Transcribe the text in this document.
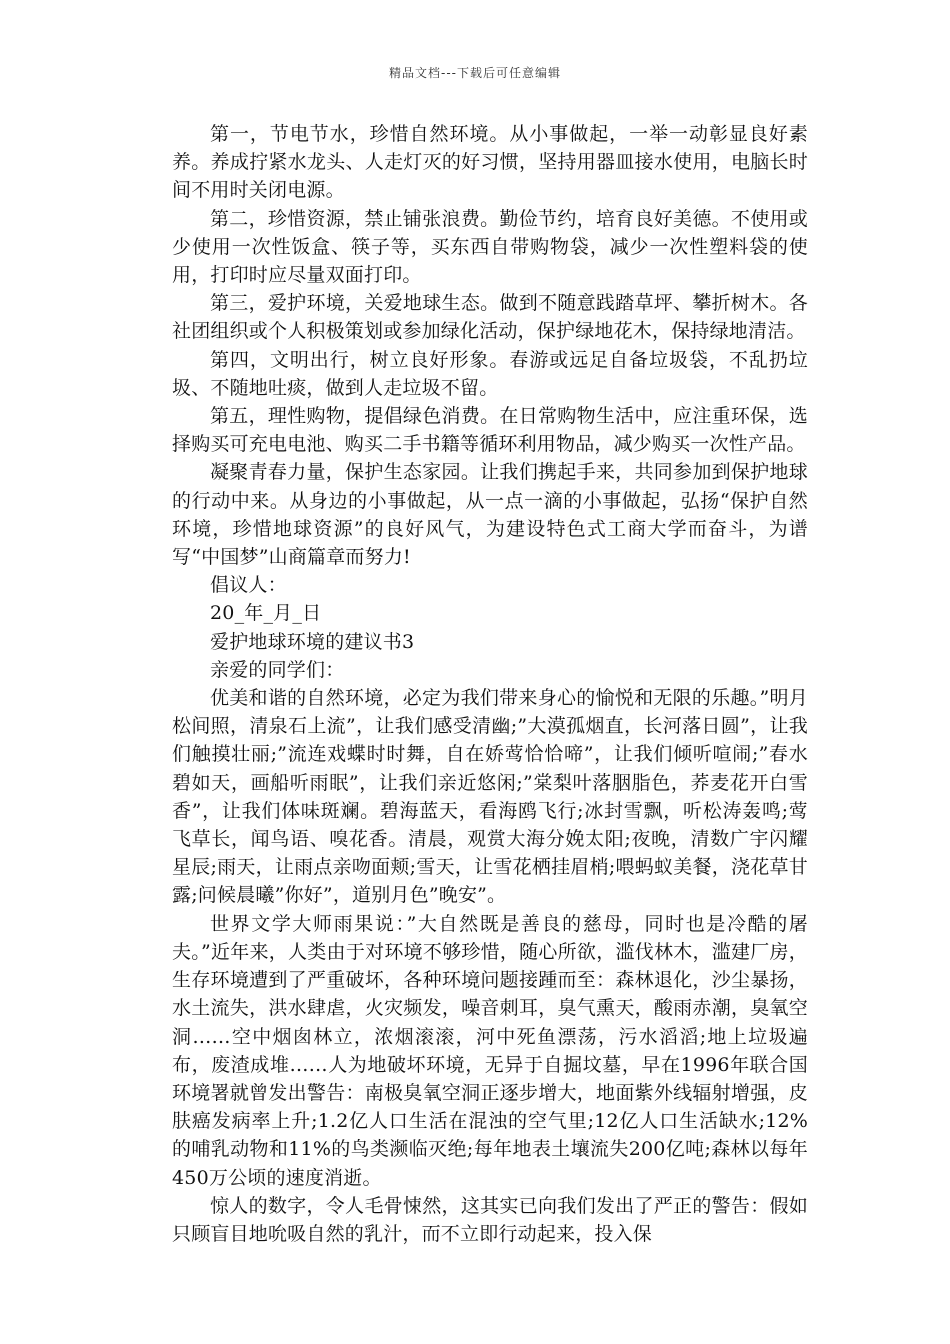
精品文档---下载后可任意编辑

第一，节电节水，珍惜自然环境。从小事做起，一举一动彰显良好素养。养成拧紧水龙头、人走灯灭的好习惯，坚持用器皿接水使用，电脑长时间不用时关闭电源。

第二，珍惜资源，禁止铺张浪费。勤俭节约，培育良好美德。不使用或少使用一次性饭盒、筷子等，买东西自带购物袋，减少一次性塑料袋的使用，打印时应尽量双面打印。

第三，爱护环境，关爱地球生态。做到不随意践踏草坪、攀折树木。各社团组织或个人积极策划或参加绿化活动，保护绿地花木，保持绿地清洁。

第四，文明出行，树立良好形象。春游或远足自备垃圾袋，不乱扔垃圾、不随地吐痰，做到人走垃圾不留。

第五，理性购物，提倡绿色消费。在日常购物生活中，应注重环保，选择购买可充电电池、购买二手书籍等循环利用物品，减少购买一次性产品。

凝聚青春力量，保护生态家园。让我们携起手来，共同参加到保护地球的行动中来。从身边的小事做起，从一点一滴的小事做起，弘扬“保护自然环境，珍惜地球资源”的良好风气，为建设特色式工商大学而奋斗，为谱写“中国梦”山商篇章而努力!

倡议人：

20_年_月_日

爱护地球环境的建议书3

亲爱的同学们：

优美和谐的自然环境，必定为我们带来身心的愉悦和无限的乐趣。”明月松间照，清泉石上流”，让我们感受清幽;”大漠孤烟直，长河落日圆”，让我们触摸壮丽;”流连戏蝶时时舞，自在娇莺恰恰啼”，让我们倾听喧闹;”春水碧如天，画船听雨眠”，让我们亲近悠闲;”棠梨叶落胭脂色，荞麦花开白雪香”，让我们体味斑斓。碧海蓝天，看海鸥飞行;冰封雪飘，听松涛轰鸣;莺飞草长，闻鸟语、嗅花香。清晨，观赏大海分娩太阳;夜晚，清数广宇闪耀星辰;雨天，让雨点亲吻面颊;雪天，让雪花栖挂眉梢;喂蚂蚁美餐，浇花草甘露;问候晨曦”你好”，道别月色”晚安”。

世界文学大师雨果说：”大自然既是善良的慈母，同时也是冷酷的屠夫。”近年来，人类由于对环境不够珍惜，随心所欲，滥伐林木，滥建厂房，生存环境遭到了严重破坏，各种环境问题接踵而至：森林退化，沙尘暴扬，水土流失，洪水肆虐，火灾频发，噪音刺耳，臭气熏天，酸雨赤潮，臭氧空洞……空中烟囱林立，浓烟滚滚，河中死鱼漂荡，污水滔滔;地上垃圾遍布，废渣成堆……人为地破坏环境，无异于自掘坟墓，早在1996年联合国环境署就曾发出警告：南极臭氧空洞正逐步增大，地面紫外线辐射增强，皮肤癌发病率上升;1.2亿人口生活在混浊的空气里;12亿人口生活缺水;12%的哺乳动物和11%的鸟类濒临灭绝;每年地表土壤流失200亿吨;森林以每年450万公顷的速度消逝。

惊人的数字，令人毛骨悚然，这其实已向我们发出了严正的警告：假如只顾盲目地吮吸自然的乳汁，而不立即行动起来，投入保
